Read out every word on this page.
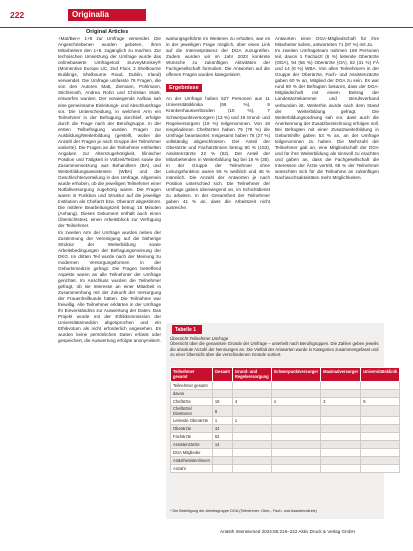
222	Originalia
Original Articles

+Mat/Ben+ 1+8 zur Umfrage versendet. Die Angeschriebenen wurden gebeten, ihren Mitarbeitern den 1+8. zugänglich zu machen. Zur technischen Umsetzung der Umfrage wurde das onlinebasierte Umfragetool SurveyMonkey® (Momentive Europe UC, 2nd Floor, 2 Shelbourne Buildings, Shelbourne Road, Dublin, Irland) verwendet. Die Umfrage umfasste 76 Fragen, die von den Autoren Matt, Ziemann, Pohlmann, Stichtenoth, Andrea Rohn und Christian Stark, entworfen wurden. Der vorwiegende Aufbau sah eine gemeinsame Einleitungs- und Abschlussfrage vor. Die Unterscheidung, in welchem Arm ein Teilnehmer in der Befragung durchlief, erfolgte durch die Frage nach der Berufsgruppe. In der ersten Teilbefragung wurden Fragen zur Ausbildung/Weiterbildung (gestellt, wobei die Anzahl der Fragen je nach Gruppe der Teilnehmer variierte). Die Fragen an die Teilnehmer enthielten Angaben zur Alterszugehörigkeit, klinischer Position und Tätigkeit in Vollzeit/Teilzeit sowie die Zusammensetzung aus Behandlern (BA) und Weiterbildungsassistenten (WBA) und der Geschlechterverteilung in den Umfrage. Allgemein wurde erhoben, ob die jeweiligen Teilnehmer einer Notfallversorgung zugehörig waren. Die Fragen waren in Funktion und Struktur auf die jeweilige Institution als Chefarzt bzw. Oberarzt abgestimmt. Die mittlere Bearbeitungszeit betrug 15 Minuten (Anhang). Dieses Dokument enthält auch einen Übersichtstext, einen Arbeitsblock zur Verfügung der Teilnehmer.

Im zweiten Arm der Umfrage wurden neben der Zustimmung der Vereinigung auf die bisherige Struktur der Weiterbildung sowie Arbeitsbedingungen der Befragungsmeinung der DKG. Im dritten Teil wurde nach der Meinung zu modernen Versorgungsformen in der Geburtsmedizin gefragt. Die Fragen betreffend Aspekte waren an alle Teilnehmer der Umfrage gerichtet. Im Anschluss wurden die Teilnehmer gefragt, ob sie Interesse an einer Mitarbeit in Zusammenhang mit der Zukunft der Versorgung der Frauenheilkunde hätten. Die Teilnahme war freiwillig. Alle Teilnehmer erklärten in der Umfrage ihr Einverständnis zur Auswertung der Daten. Das Projekt wurde mit der Ethikkommission der Universitätsmedizin abgesprochen und ein Ethikvotum als nicht erforderlich angesehen. Es wurden keine persönlichen Daten erfasst oder gespeichert, die Auswertung erfolgte anonymisiert.

wartungsgeführte im Weiteren zu erhalten, war es in der jeweiligen Frage möglich, über einen Link auf die Internetpräsenz der DGA zuzugreifen. Zudem wurden wir im Jahr 2023 konkrete Wünsche zu zukünftigen Aktivitäten der Fachgesellschaft formuliert. Die Antworten auf die offenen Fragen wurden kategorisiert.

Ergebnisse

An der Umfrage haben 527 Personen aus 11 Universitätsklinika (56 %), 5 Krankenhausverbünden (10 %), 7 Schwerpunktversorgern (13 %) und 19 Grund- und Regelversorgern (19 %) teilgenommen. Von 19 eingeladenen Chefärzten haben 75 (78 %) die Umfrage beantwortet. Insgesamt haben 76 (27 %) vollständig abgeschlossen. Der Anteil der Oberärzte und Fachärztinnen betrug 60 % (153), Assistenzärzte 22 % (52). Der Anteil der Mitarbeitenden in Weiterbildung lag bei 16 % (35). In der Gruppe der Teilnehmer ohne Leitungsfunktion waren 55 % weiblich und 45 % männlich. Die Anzahl der Antworten je nach Position unterschied sich. Die Teilnehmer der Umfrage gaben überwiegend an, im Schichtdienst zu arbeiten. In der Gesamtheit der Teilnehmer gaben 41 % an, dass die Arbeitszeit nicht ausreiche.

Antworten einer DGA-Mitgliedschaft für ihre Mitarbeiter sahen, antworteten 71 (87 %) mit Ja.

Im zweiten Umfrageteam nahmen 168 Personen teil, davon 1 Facharzt (6 %) leitende Oberärzte (ODA), 94 (56 %) Oberärzte (OA), 52 (31 %) FÄ und 14 (8 %) WBA. Von allen Teilnehmern in der Gruppe der Oberärzte, Fach- und Assistenzärzte gaben 60 % an, Mitglied der DGA zu sein. Es war rund 80 % der Befragten bekannt, dass der DGA-Mitgliedschaft mit einem Beitrag der Landesärztekammer und Berufsverband verbunden ist. Weiterhin wurde nach dem Stand der Weiterbildung gefragt. Die Weiterbildungsordnung sah vor, dass auch die Anerkennung der Zusatzbezeichnung erfolgen soll. Bei Befragten mit einer Zusatzweiterbildung in Geburtshilfe gaben 53 % an, an der Umfrage teilgenommen zu haben. Die Mehrzahl der Teilnehmer gab an, eine Mitgliedschaft der DGA und für ihre Weiterbildung als sinnvoll zu erachten und gaben an, dass die Fachgesellschaft die Interessen der Ärzte vertritt. 68 % der Teilnehmer wünschten sich für die Teilnahme an zukünftigen Nachwuchsaktivitäten mehr Möglichkeiten.

Tabelle 1
Übersicht Teilnehmer Umfrage
Übersicht über die genannten Gründe der Umfrage – unterteilt nach Berufsgruppen. Die Zahlen geben jeweils die absolute Anzahl der Nennungen an. Die Vielfalt der Antworten wurde in Kategorien zusammengefasst und zu einer Übersicht über die verschiedenen Gründe sortiert.
Teilnehmer gesamt	Gesamt	Grund- und Regelversorgung	Schwerpunktversorger	Maximalversorger	Universitätsklinik
Teilnehmer gesamt					
davon					
Chefärzte	19	4	4	3	8
Chefärzte/ Direktoren	8				
Leitende Oberärzte	1	1			
Oberärzte	44				
Fachärzte	52				
Assistenzärzte	14				
DGA Mitglieder					
Anästhesisten/innen					
Anzahl					
* Die Beteiligung der Arbeitsgruppe DGA (Teilnehmer: Ober-, Fach- und Assistenzärzte)
Anästh Intensivmed 2024;65:216–222 Aktiv Druck & Verlag GmbH
